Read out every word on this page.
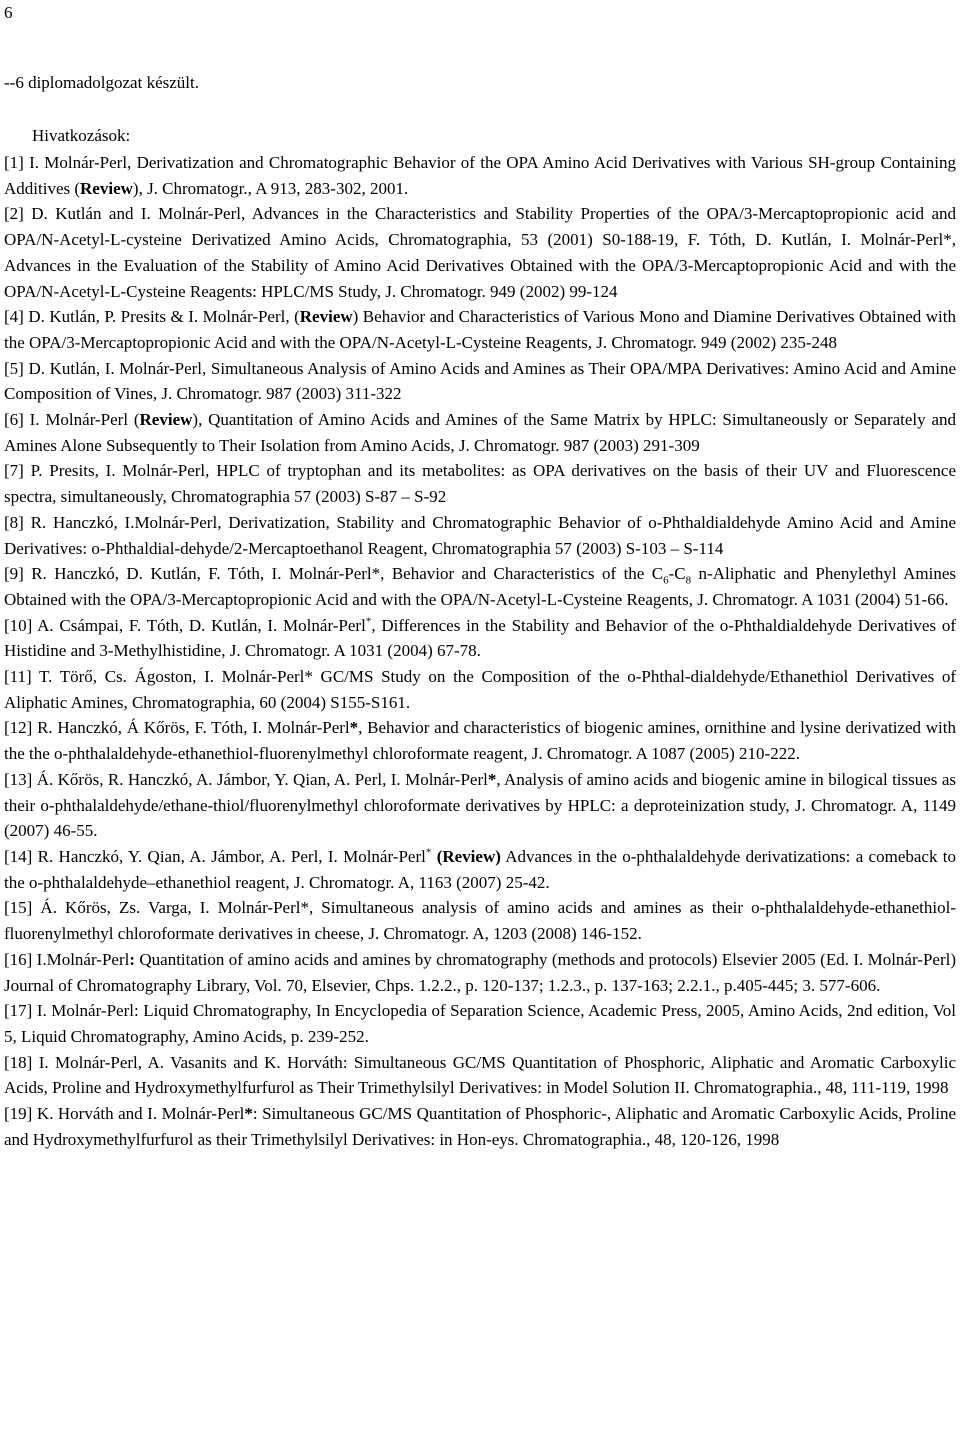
6
--6 diplomadolgozat készült.
Hivatkozások:

[1] I. Molnár-Perl, Derivatization and Chromatographic Behavior of the OPA Amino Acid Derivatives with Various SH-group Containing Additives (Review), J. Chromatogr., A 913, 283-302, 2001.

[2] D. Kutlán and I. Molnár-Perl, Advances in the Characteristics and Stability Properties of the OPA/3-Mercaptopropionic acid and OPA/N-Acetyl-L-cysteine Derivatized Amino Acids, Chromatographia, 53 (2001) S0-188-19, F. Tóth, D. Kutlán, I. Molnár-Perl*, Advances in the Evaluation of the Stability of Amino Acid Derivatives Obtained with the OPA/3-Mercaptopropionic Acid and with the OPA/N-Acetyl-L-Cysteine Reagents: HPLC/MS Study, J. Chromatogr. 949 (2002) 99-124

[4] D. Kutlán, P. Presits & I. Molnár-Perl, (Review) Behavior and Characteristics of Various Mono and Diamine Derivatives Obtained with the OPA/3-Mercaptopropionic Acid and with the OPA/N-Acetyl-L-Cysteine Reagents, J. Chromatogr. 949 (2002) 235-248

[5] D. Kutlán, I. Molnár-Perl, Simultaneous Analysis of Amino Acids and Amines as Their OPA/MPA Derivatives: Amino Acid and Amine Composition of Vines, J. Chromatogr. 987 (2003) 311-322

[6] I. Molnár-Perl (Review), Quantitation of Amino Acids and Amines of the Same Matrix by HPLC: Simultaneously or Separately and Amines Alone Subsequently to Their Isolation from Amino Acids, J. Chromatogr. 987 (2003) 291-309

[7] P. Presits, I. Molnár-Perl, HPLC of tryptophan and its metabolites: as OPA derivatives on the basis of their UV and Fluorescence spectra, simultaneously, Chromatographia 57 (2003) S-87 – S-92

[8] R. Hanczkó, I.Molnár-Perl, Derivatization, Stability and Chromatographic Behavior of o-Phthaldialdehyde Amino Acid and Amine Derivatives: o-Phthaldial-dehyde/2-Mercaptoethanol Reagent, Chromatographia 57 (2003) S-103 – S-114

[9] R. Hanczkó, D. Kutlán, F. Tóth, I. Molnár-Perl*, Behavior and Characteristics of the $C_6-C_8$ n-Aliphatic and Phenylethyl Amines Obtained with the OPA/3-Mercaptopropionic Acid and with the OPA/N-Acetyl-L-Cysteine Reagents, J. Chromatogr. A 1031 (2004) 51-66.

[10] A. Csámpai, F. Tóth, D. Kutlán, I. Molnár-Perl*, Differences in the Stability and Behavior of the o-Phthaldialdehyde Derivatives of Histidine and 3-Methylhistidine, J. Chromatogr. A 1031 (2004) 67-78.

[11] T. Törő, Cs. Ágoston, I. Molnár-Perl* GC/MS Study on the Composition of the o-Phthal-dialdehyde/Ethanethiol Derivatives of Aliphatic Amines, Chromatographia, 60 (2004) S155-S161.

[12] R. Hanczkó, Á Kőrös, F. Tóth, I. Molnár-Perl*, Behavior and characteristics of biogenic amines, ornithine and lysine derivatized with the the o-phthalaldehyde-ethanethiol-fluorenylmethyl chloroformate reagent, J. Chromatogr. A 1087 (2005) 210-222.

[13] Á. Kőrös, R. Hanczkó, A. Jámbor, Y. Qian, A. Perl, I. Molnár-Perl*, Analysis of amino acids and biogenic amine in bilogical tissues as their o-phthalaldehyde/ethane-thiol/fluorenylmethyl chloroformate derivatives by HPLC: a deproteinization study, J. Chromatogr. A, 1149 (2007) 46-55.

[14] R. Hanczkó, Y. Qian, A. Jámbor, A. Perl, I. Molnár-Perl* (Review) Advances in the o-phthalaldehyde derivatizations: a comeback to the o-phthalaldehyde–ethanethiol reagent, J. Chromatogr. A, 1163 (2007) 25-42.

[15] Á. Kőrös, Zs. Varga, I. Molnár-Perl*, Simultaneous analysis of amino acids and amines as their o-phthalaldehyde-ethanethiol-fluorenylmethyl chloroformate derivatives in cheese, J. Chromatogr. A, 1203 (2008) 146-152.

[16] I.Molnár-Perl: Quantitation of amino acids and amines by chromatography (methods and protocols) Elsevier 2005 (Ed. I. Molnár-Perl) Journal of Chromatography Library, Vol. 70, Elsevier, Chps. 1.2.2., p. 120-137; 1.2.3., p. 137-163; 2.2.1., p.405-445; 3. 577-606.

[17] I. Molnár-Perl: Liquid Chromatography, In Encyclopedia of Separation Science, Academic Press, 2005, Amino Acids, 2nd edition, Vol 5, Liquid Chromatography, Amino Acids, p. 239-252.

[18] I. Molnár-Perl, A. Vasanits and K. Horváth: Simultaneous GC/MS Quantitation of Phosphoric, Aliphatic and Aromatic Carboxylic Acids, Proline and Hydroxymethylfurfurol as Their Trimethylsilyl Derivatives: in Model Solution II. Chromatographia., 48, 111-119, 1998

[19] K. Horváth and I. Molnár-Perl*: Simultaneous GC/MS Quantitation of Phosphoric-, Aliphatic and Aromatic Carboxylic Acids, Proline and Hydroxymethylfurfurol as their Trimethylsilyl Derivatives: in Hon-eys. Chromatographia., 48, 120-126, 1998
